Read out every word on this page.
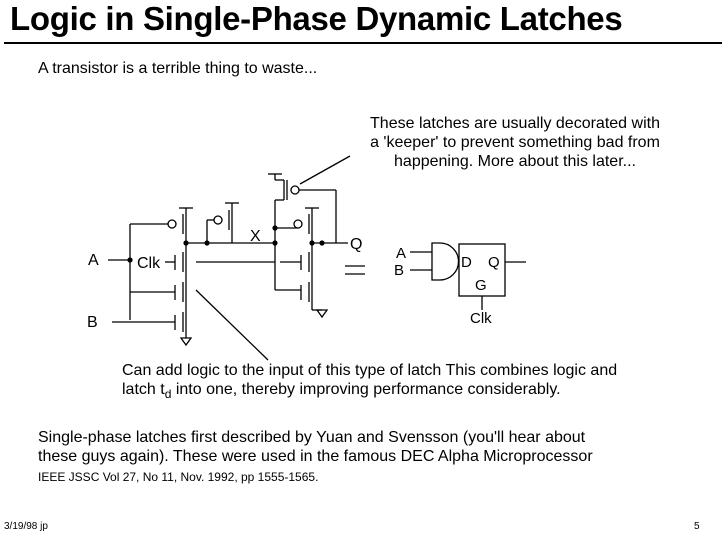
Logic in Single-Phase Dynamic Latches
A transistor is a terrible thing to waste...
These latches are usually decorated with
a 'keeper' to prevent something bad from
happening. More about this later...
A Clk
X
B
Q
A
B	D Q
G
Clk
Can add logic to the input of this type of latch This combines logic and
latch $t_d$ into one, thereby improving performance considerably.
Single-phase latches first described by Yuan and Svensson (you'll hear about
these guys again). These were used in the famous DEC Alpha Microprocessor
IEEE JSSC Vol 27, No 11, Nov. 1992, pp 1555-1565.
3/19/98 jp	5
